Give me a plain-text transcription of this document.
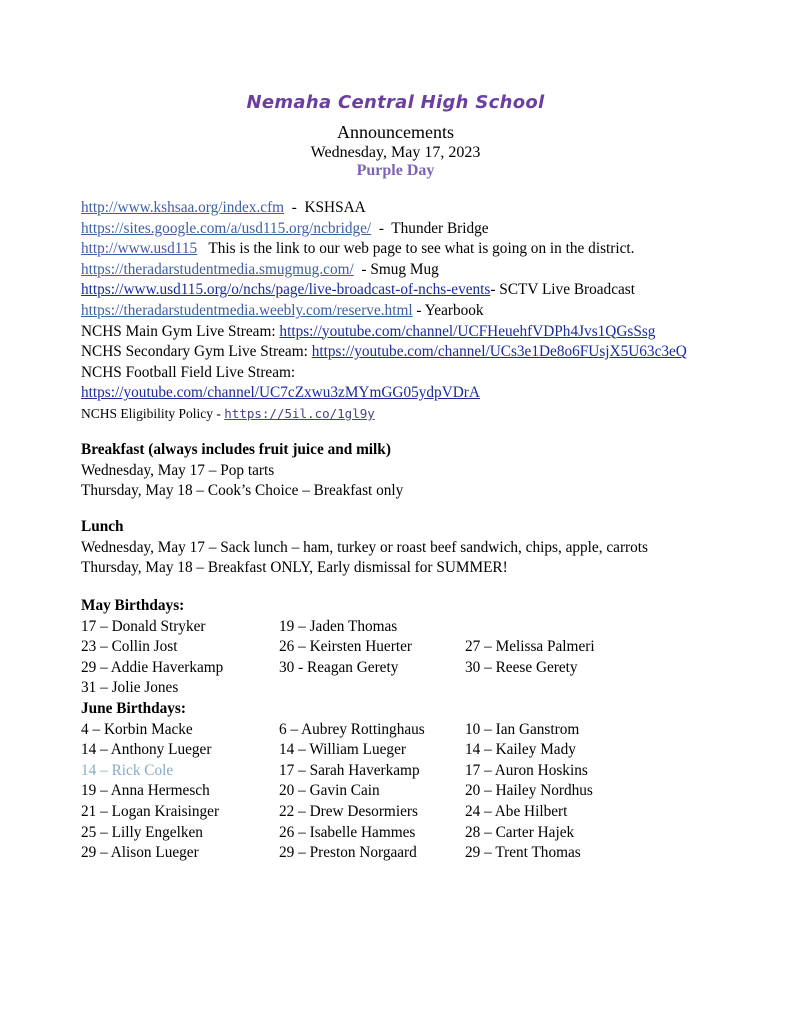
Nemaha Central High School
Announcements
Wednesday, May 17, 2023
Purple Day
http://www.kshsaa.org/index.cfm  -  KSHSAA
https://sites.google.com/a/usd115.org/ncbridge/  -  Thunder Bridge
http://www.usd115   This is the link to our web page to see what is going on in the district.
https://theradarstudentmedia.smugmug.com/  - Smug Mug
https://www.usd115.org/o/nchs/page/live-broadcast-of-nchs-events- SCTV Live Broadcast
https://theradarstudentmedia.weebly.com/reserve.html - Yearbook
NCHS Main Gym Live Stream: https://youtube.com/channel/UCFHeuehfVDPh4Jvs1QGsSsg
NCHS Secondary Gym Live Stream: https://youtube.com/channel/UCs3e1De8o6FUsjX5U63c3eQ
NCHS Football Field Live Stream:
https://youtube.com/channel/UC7cZxwu3zMYmGG05ydpVDrA
NCHS Eligibility Policy - https://5il.co/1gl9y
Breakfast (always includes fruit juice and milk)
Wednesday, May 17 – Pop tarts
Thursday, May 18 – Cook’s Choice – Breakfast only
Lunch
Wednesday, May 17 – Sack lunch – ham, turkey or roast beef sandwich, chips, apple, carrots
Thursday, May 18 – Breakfast ONLY, Early dismissal for SUMMER!
May Birthdays:
17 – Donald Stryker	19 – Jaden Thomas
23 – Collin Jost	26 – Keirsten Huerter	27 – Melissa Palmeri
29 – Addie Haverkamp	30 - Reagan Gerety	30 – Reese Gerety
31 – Jolie Jones
June Birthdays:
4 – Korbin Macke	6 – Aubrey Rottinghaus	10 – Ian Ganstrom
14 – Anthony Lueger	14 – William Lueger	14 – Kailey Mady
14 – Rick Cole	17 – Sarah Haverkamp	17 – Auron Hoskins
19 – Anna Hermesch	20 – Gavin Cain	20 – Hailey Nordhus
21 – Logan Kraisinger	22 – Drew Desormiers	24 – Abe Hilbert
25 – Lilly Engelken	26 – Isabelle Hammes	28 – Carter Hajek
29 – Alison Lueger	29 – Preston Norgaard	29 – Trent Thomas
